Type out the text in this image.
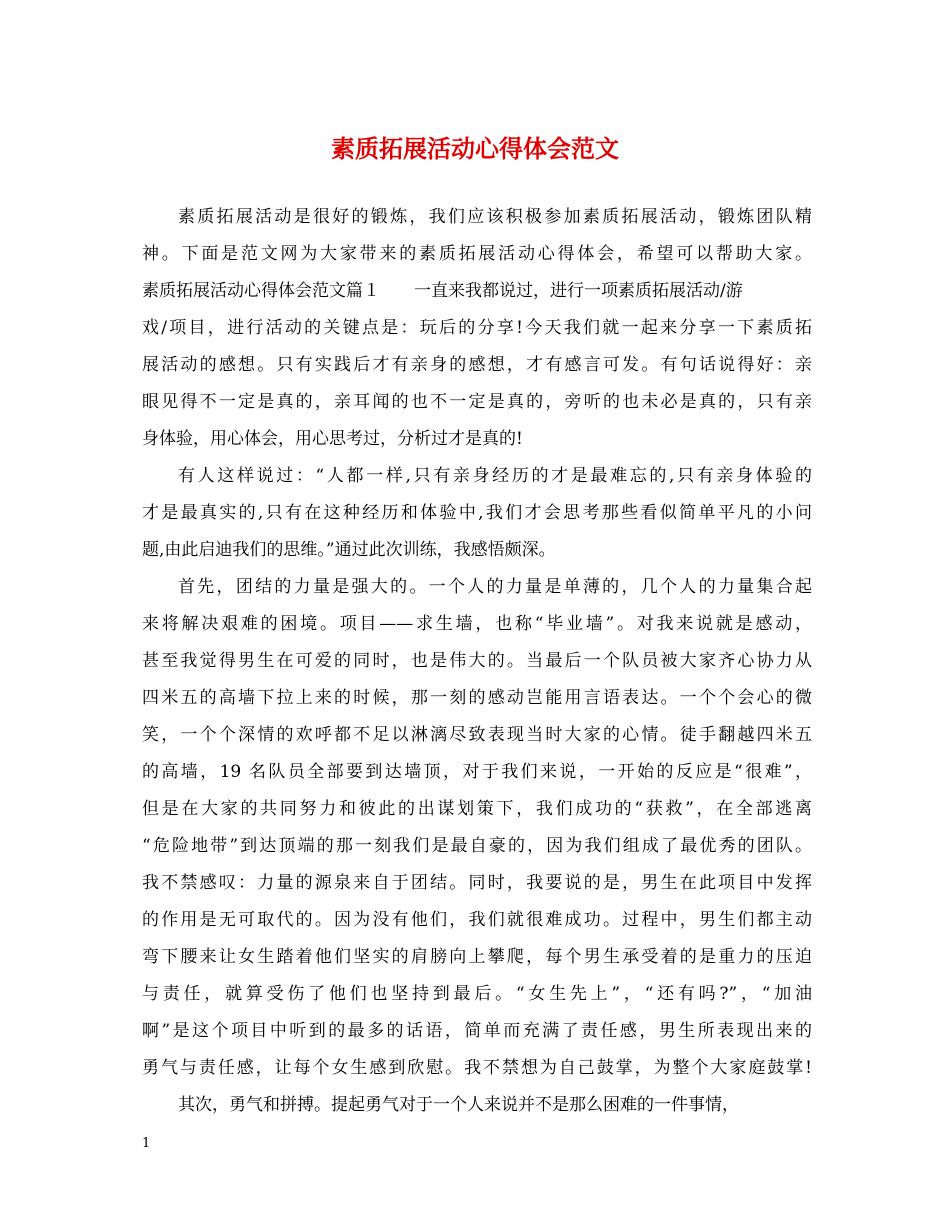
素质拓展活动心得体会范文
素质拓展活动是很好的锻炼，我们应该积极参加素质拓展活动，锻炼团队精
神。下面是范文网为大家带来的素质拓展活动心得体会，希望可以帮助大家。
素质拓展活动心得体会范文篇１　　一直来我都说过，进行一项素质拓展活动/游
戏/项目，进行活动的关键点是：玩后的分享!今天我们就一起来分享一下素质拓
展活动的感想。只有实践后才有亲身的感想，才有感言可发。有句话说得好：亲
眼见得不一定是真的，亲耳闻的也不一定是真的，旁听的也未必是真的，只有亲
身体验，用心体会，用心思考过，分析过才是真的!
有人这样说过：“人都一样,只有亲身经历的才是最难忘的,只有亲身体验的
才是最真实的,只有在这种经历和体验中,我们才会思考那些看似简单平凡的小问
题,由此启迪我们的思维。”通过此次训练，我感悟颇深。
首先，团结的力量是强大的。一个人的力量是单薄的，几个人的力量集合起
来将解决艰难的困境。项目——求生墙，也称“毕业墙”。对我来说就是感动，
甚至我觉得男生在可爱的同时，也是伟大的。当最后一个队员被大家齐心协力从
四米五的高墙下拉上来的时候，那一刻的感动岂能用言语表达。一个个会心的微
笑，一个个深情的欢呼都不足以淋漓尽致表现当时大家的心情。徒手翻越四米五
的高墙，19 名队员全部要到达墙顶，对于我们来说，一开始的反应是“很难”，
但是在大家的共同努力和彼此的出谋划策下，我们成功的“获救”，在全部逃离
“危险地带”到达顶端的那一刻我们是最自豪的，因为我们组成了最优秀的团队。
我不禁感叹：力量的源泉来自于团结。同时，我要说的是，男生在此项目中发挥
的作用是无可取代的。因为没有他们，我们就很难成功。过程中，男生们都主动
弯下腰来让女生踏着他们坚实的肩膀向上攀爬，每个男生承受着的是重力的压迫
与责任，就算受伤了他们也坚持到最后。“女生先上”，“还有吗?”，“加油
啊”是这个项目中听到的最多的话语，简单而充满了责任感，男生所表现出来的
勇气与责任感，让每个女生感到欣慰。我不禁想为自己鼓掌，为整个大家庭鼓掌!
其次，勇气和拼搏。提起勇气对于一个人来说并不是那么困难的一件事情，
1
